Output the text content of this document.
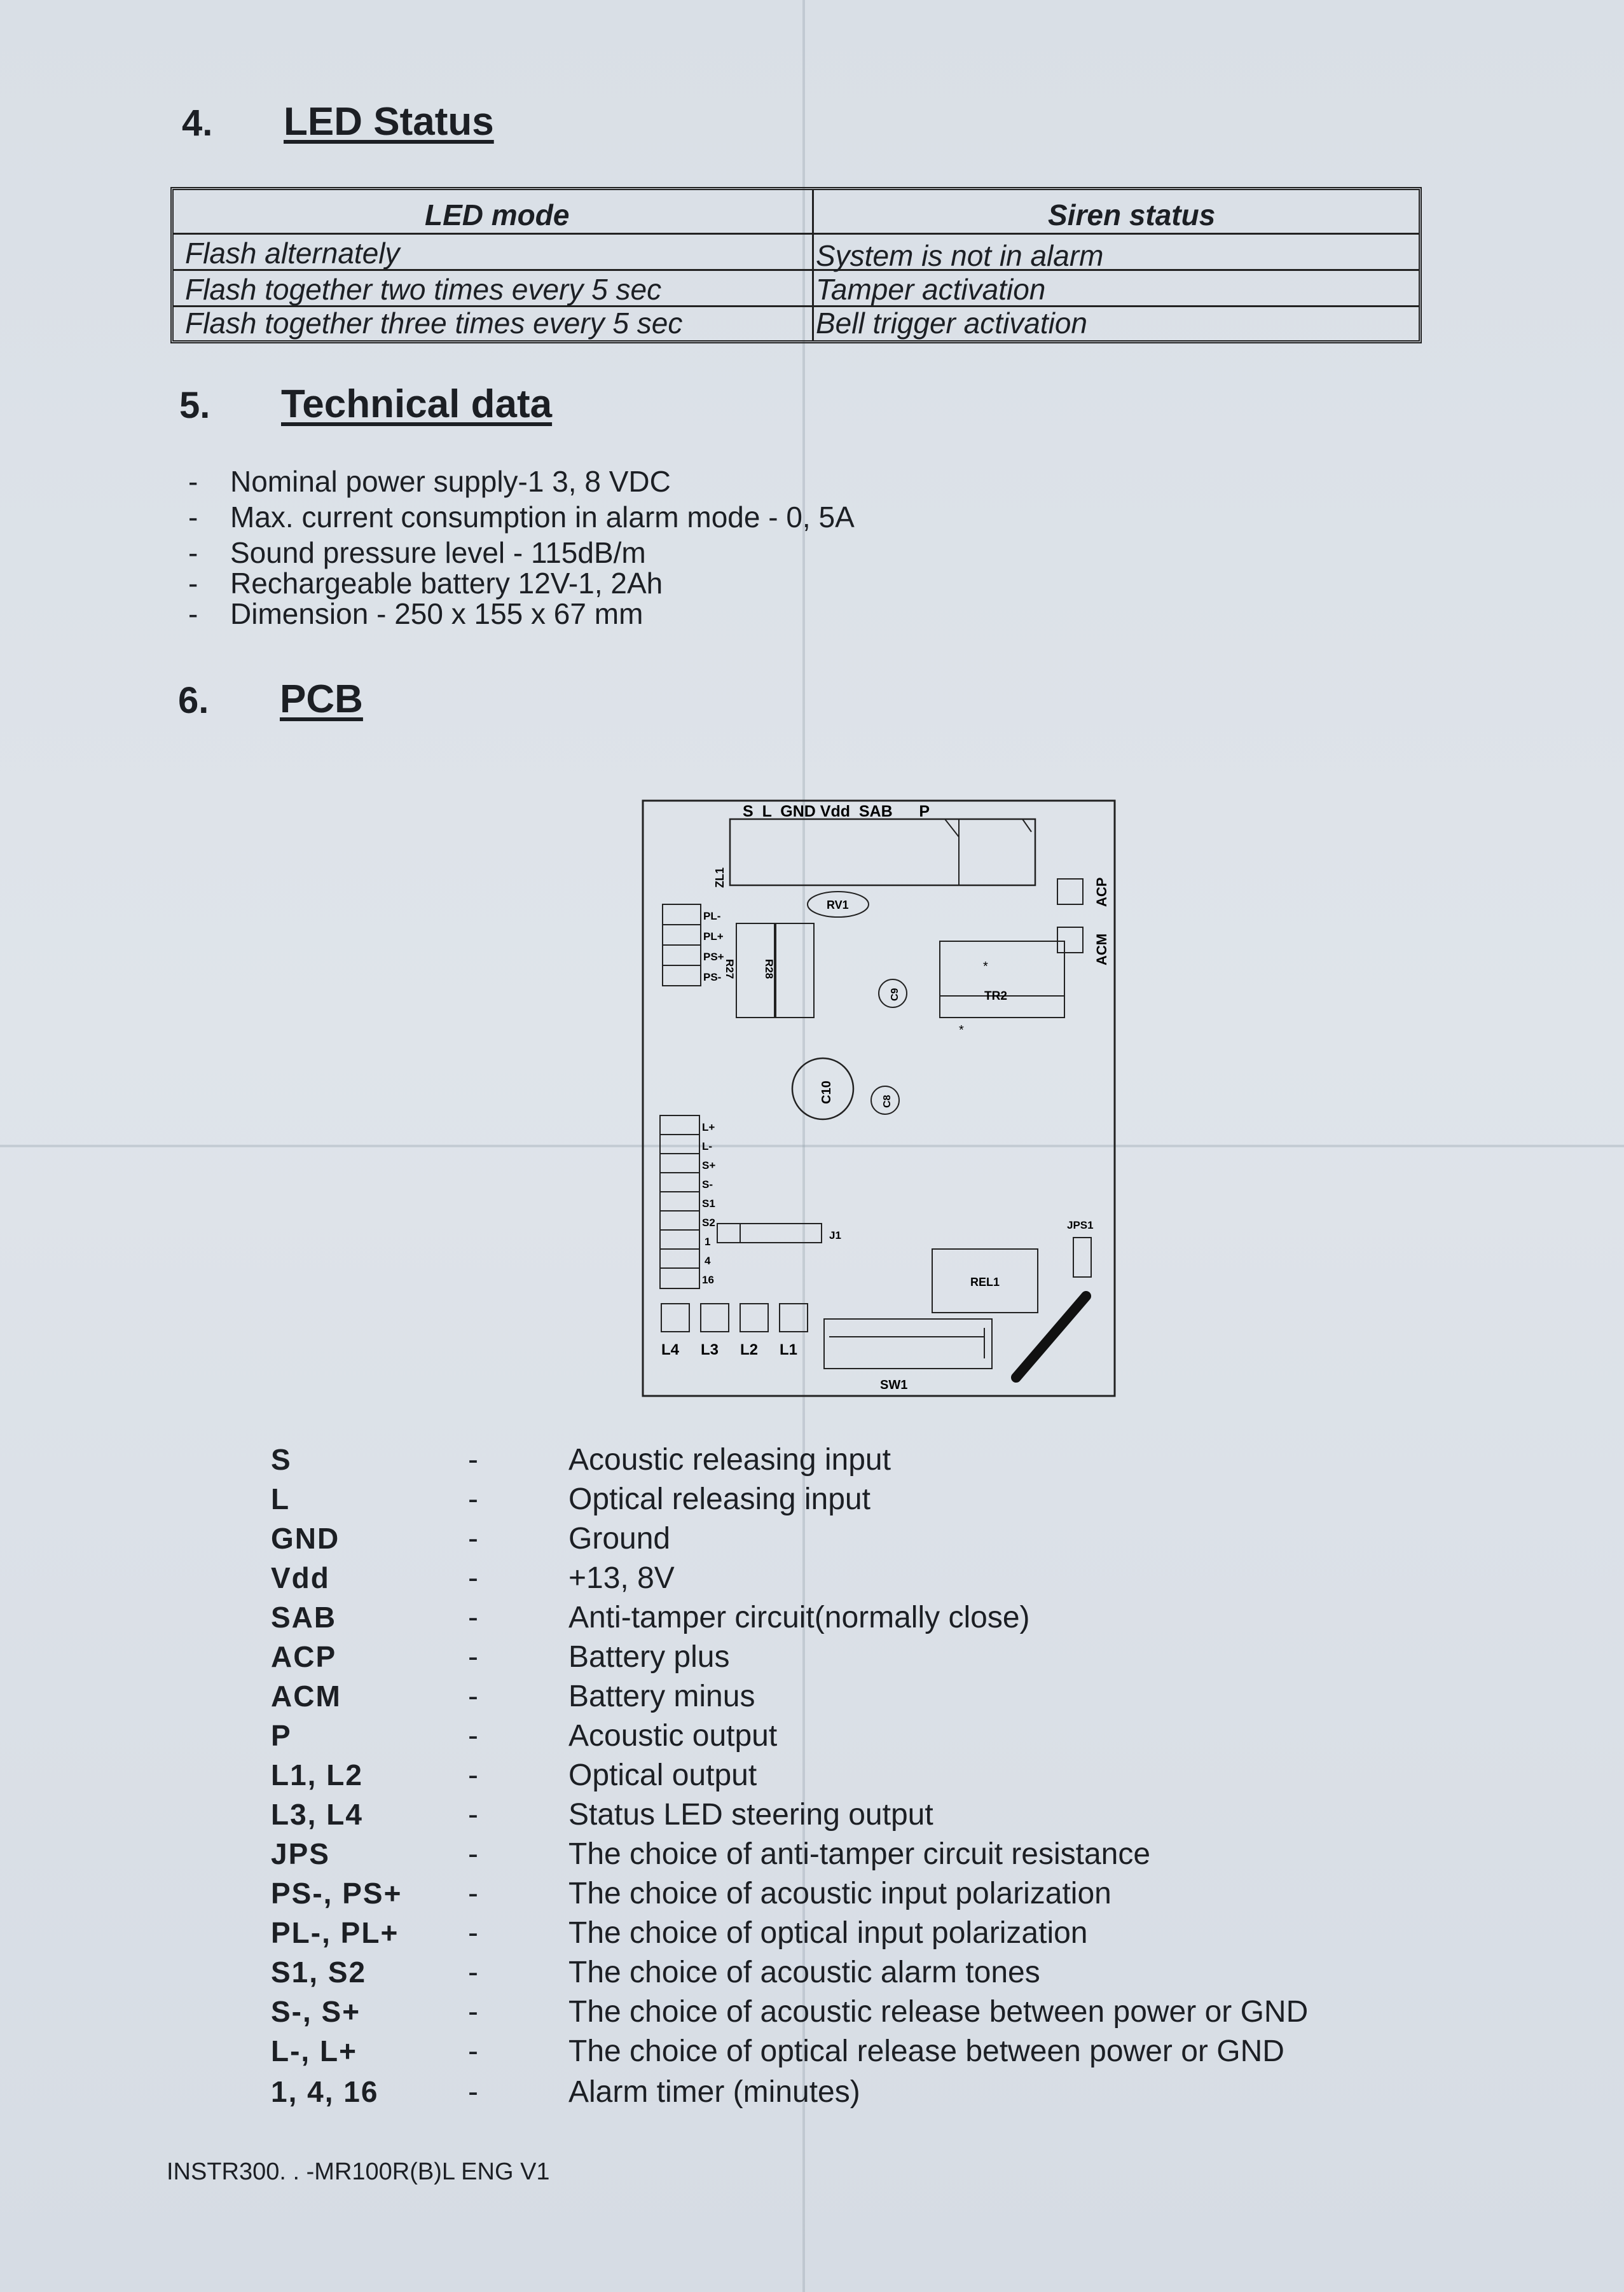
4. LED Status
LED mode	Siren status
Flash alternately	System is not in alarm
Flash together two times every 5 sec	Tamper activation
Flash together three times every 5 sec	Bell trigger activation
5. Technical data
- Nominal power supply-1 3, 8 VDC
- Max. current consumption in alarm mode - 0, 5A
- Sound pressure level - 115dB/m
- Rechargeable battery 12V-1, 2Ah
- Dimension - 250 x 155 x 67 mm
6. PCB
S  L  GND Vdd  SAB      P
ZL1
RV1	ACP
ACM
PL-
PL+
PS+
PS- R27	R28
C9
*
*
TR2
C10	C8
L+
L-
S+
S-
S1
S2
1
4
16
J1
JPS1
REL1
L4 L3 L2 L1
SW1
S	-	Acoustic releasing input
L	-	Optical releasing input
GND	-	Ground
Vdd	-	+13, 8V
SAB	-	Anti-tamper circuit(normally close)
ACP	-	Battery plus
ACM	-	Battery minus
P	-	Acoustic output
L1, L2	-	Optical output
L3, L4	-	Status LED steering output
JPS	-	The choice of anti-tamper circuit resistance
PS-, PS+ -	The choice of acoustic input polarization
PL-, PL+ -	The choice of optical input polarization
S1, S2	-	The choice of acoustic alarm tones
S-, S+	-	The choice of acoustic release between power or GND
L-, L+	-	The choice of optical release between power or GND
1, 4, 16	-	Alarm timer (minutes)
INSTR300. . -MR100R(B)L ENG V1
